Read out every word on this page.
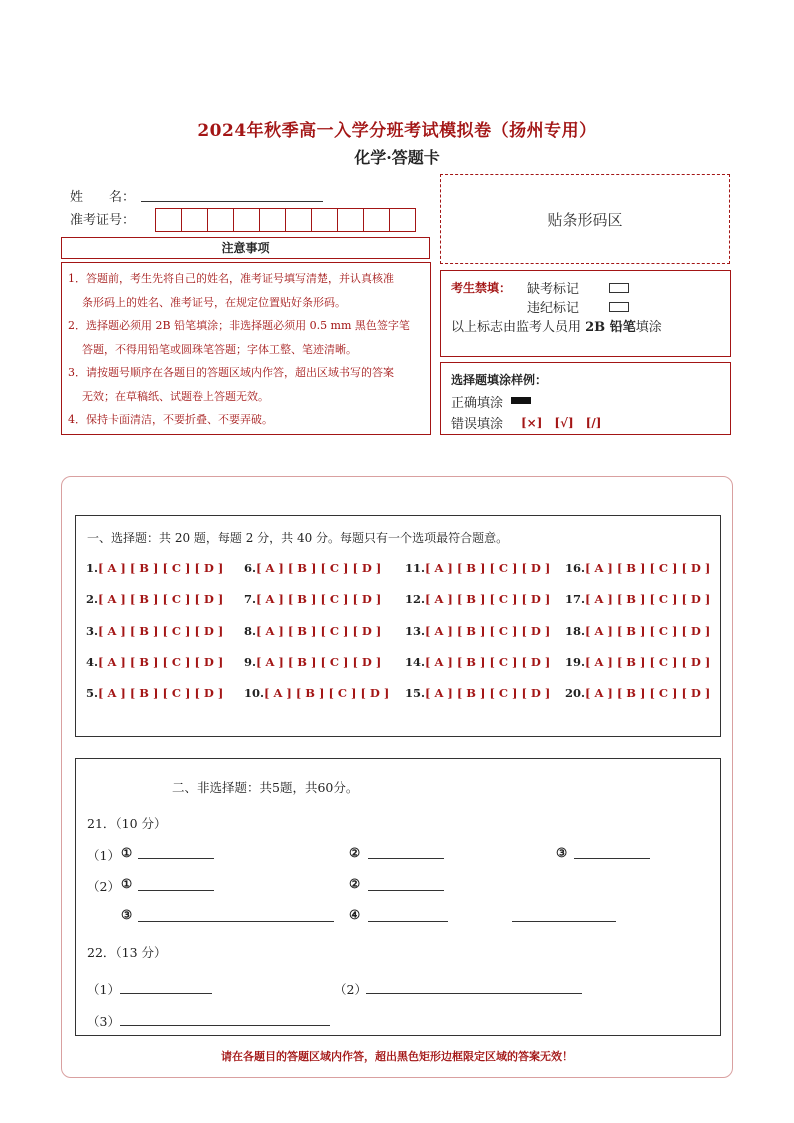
2024年秋季高一入学分班考试模拟卷（扬州专用）
化学·答题卡
姓　　名：
准考证号：	贴条形码区
注意事项
1．答题前，考生先将自己的姓名，准考证号填写清楚，并认真核准
条形码上的姓名、准考证号，在规定位置贴好条形码。
2．选择题必须用 2B 铅笔填涂；非选择题必须用 0.5 mm 黑色签字笔
答题，不得用铅笔或圆珠笔答题；字体工整、笔迹清晰。
3．请按题号顺序在各题目的答题区域内作答，超出区域书写的答案
无效；在草稿纸、试题卷上答题无效。
4．保持卡面清洁，不要折叠、不要弄破。
考生禁填： 缺考标记
违纪标记
以上标志由监考人员用 2B 铅笔填涂
选择题填涂样例：
正确填涂
错误填涂 [×]　[√]　[/]
一、选择题：共 20 题，每题 2 分，共 40 分。每题只有一个选项最符合题意。
1.[ A ] [ B ] [ C ] [ D ]
2.[ A ] [ B ] [ C ] [ D ]
3.[ A ] [ B ] [ C ] [ D ]
4.[ A ] [ B ] [ C ] [ D ]
5.[ A ] [ B ] [ C ] [ D ]
6.[ A ] [ B ] [ C ] [ D ]
7.[ A ] [ B ] [ C ] [ D ]
8.[ A ] [ B ] [ C ] [ D ]
9.[ A ] [ B ] [ C ] [ D ]
10.[ A ] [ B ] [ C ] [ D ]
11.[ A ] [ B ] [ C ] [ D ]
12.[ A ] [ B ] [ C ] [ D ]
13.[ A ] [ B ] [ C ] [ D ]
14.[ A ] [ B ] [ C ] [ D ]
15.[ A ] [ B ] [ C ] [ D ]
16.[ A ] [ B ] [ C ] [ D ]
17.[ A ] [ B ] [ C ] [ D ]
18.[ A ] [ B ] [ C ] [ D ]
19.[ A ] [ B ] [ C ] [ D ]
20.[ A ] [ B ] [ C ] [ D ]
二、非选择题：共5题，共60分。
21．（10 分）
（1） ①	②	③
（2） ①	②
③	④
22．（13 分）
（1）	（2）
（3）
请在各题目的答题区域内作答，超出黑色矩形边框限定区域的答案无效！
